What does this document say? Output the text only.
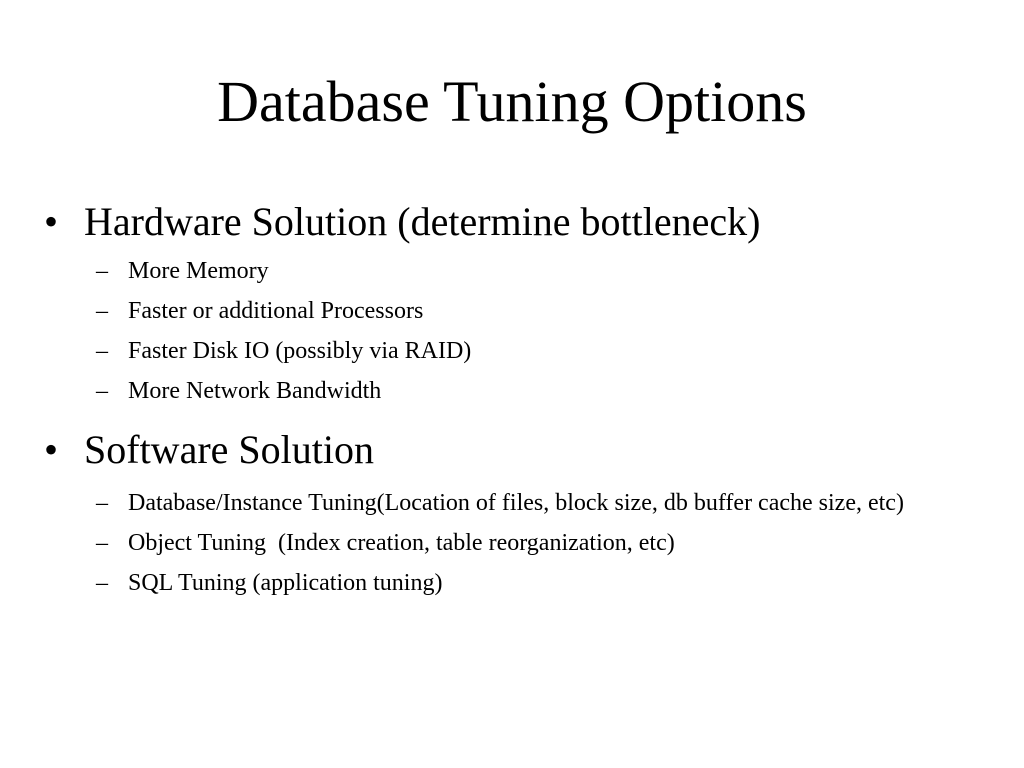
Database Tuning Options
• Hardware Solution (determine bottleneck)
– More Memory
– Faster or additional Processors
– Faster Disk IO (possibly via RAID)
– More Network Bandwidth
• Software Solution
– Database/Instance Tuning(Location of files, block size, db buffer cache size, etc)
– Object Tuning  (Index creation, table reorganization, etc)
– SQL Tuning (application tuning)
